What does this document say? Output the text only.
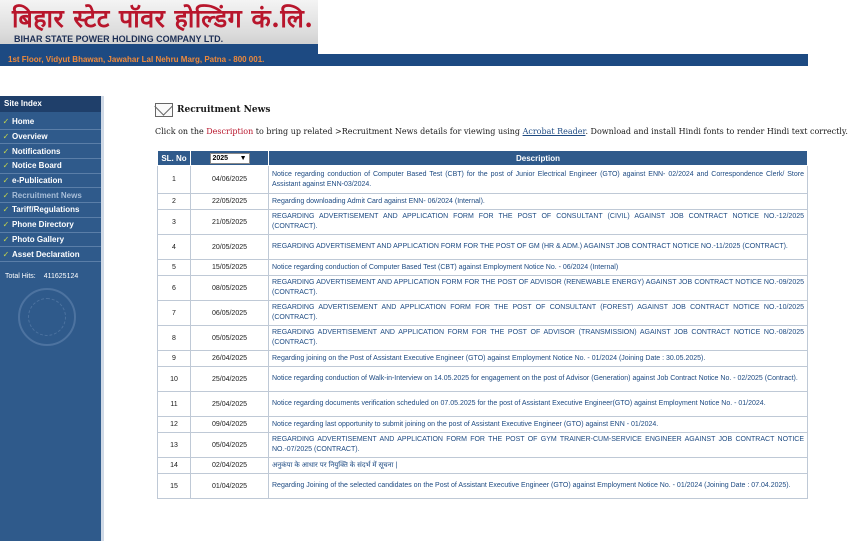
बिहार स्टेट पॉवर होल्डिंग कं.लि.
BIHAR STATE POWER HOLDING COMPANY LTD.
1st Floor, Vidyut Bhawan, Jawahar Lal Nehru Marg, Patna - 800 001.
Site Index
✓ Home
✓ Overview
✓ Notifications
✓ Notice Board
✓ e-Publication
✓ Recruitment News
✓ Tariff/Regulations
✓ Phone Directory
✓ Photo Gallery
✓ Asset Declaration
Total Hits: 411625124
Recruitment News
Click on the Description to bring up related >Recruitment News details for viewing using Acrobat Reader. Download and install Hindi fonts to render Hindi text correctly.
SL. No	2025 ▼	Description
1	04/06/2025	Notice regarding conduction of Computer Based Test (CBT) for the post of Junior Electrical Engineer (GTO) against ENN- 02/2024 and Correspondence Clerk/ Store Assistant against ENN-03/2024.
2	22/05/2025	Regarding downloading Admit Card against ENN- 06/2024 (Internal).
3	21/05/2025	REGARDING ADVERTISEMENT AND APPLICATION FORM FOR THE POST OF CONSULTANT (CIVIL) AGAINST JOB CONTRACT NOTICE NO.-12/2025 (CONTRACT).
4	20/05/2025	REGARDING ADVERTISEMENT AND APPLICATION FORM FOR THE POST OF GM (HR & ADM.) AGAINST JOB CONTRACT NOTICE NO.-11/2025 (CONTRACT).
5	15/05/2025	Notice regarding conduction of Computer Based Test (CBT) against Employment Notice No. - 06/2024 (Internal)
6	08/05/2025	REGARDING ADVERTISEMENT AND APPLICATION FORM FOR THE POST OF ADVISOR (RENEWABLE ENERGY) AGAINST JOB CONTRACT NOTICE NO.-09/2025 (CONTRACT).
7	06/05/2025	REGARDING ADVERTISEMENT AND APPLICATION FORM FOR THE POST OF CONSULTANT (FOREST) AGAINST JOB CONTRACT NOTICE NO.-10/2025 (CONTRACT).
8	05/05/2025	REGARDING ADVERTISEMENT AND APPLICATION FORM FOR THE POST OF ADVISOR (TRANSMISSION) AGAINST JOB CONTRACT NOTICE NO.-08/2025 (CONTRACT).
9	26/04/2025	Regarding joining on the Post of Assistant Executive Engineer (GTO) against Employment Notice No. - 01/2024 (Joining Date : 30.05.2025).
10	25/04/2025	Notice regarding conduction of Walk-in-Interview on 14.05.2025 for engagement on the post of Advisor (Generation) against Job Contract Notice No. - 02/2025 (Contract).
11	25/04/2025	Notice regarding documents verification scheduled on 07.05.2025 for the post of Assistant Executive Engineer(GTO) against Employment Notice No. - 01/2024.
12	09/04/2025	Notice regarding last opportunity to submit joining on the post of Assistant Executive Engineer (GTO) against ENN - 01/2024.
13	05/04/2025	REGARDING ADVERTISEMENT AND APPLICATION FORM FOR THE POST OF GYM TRAINER-CUM-SERVICE ENGINEER AGAINST JOB CONTRACT NOTICE NO.-07/2025 (CONTRACT).
14	02/04/2025	अनुकंपा के आधार पर नियुक्ति के संदर्भ में सूचना |
15	01/04/2025	Regarding Joining of the selected candidates on the Post of Assistant Executive Engineer (GTO) against Employment Notice No. - 01/2024 (Joining Date : 07.04.2025).
